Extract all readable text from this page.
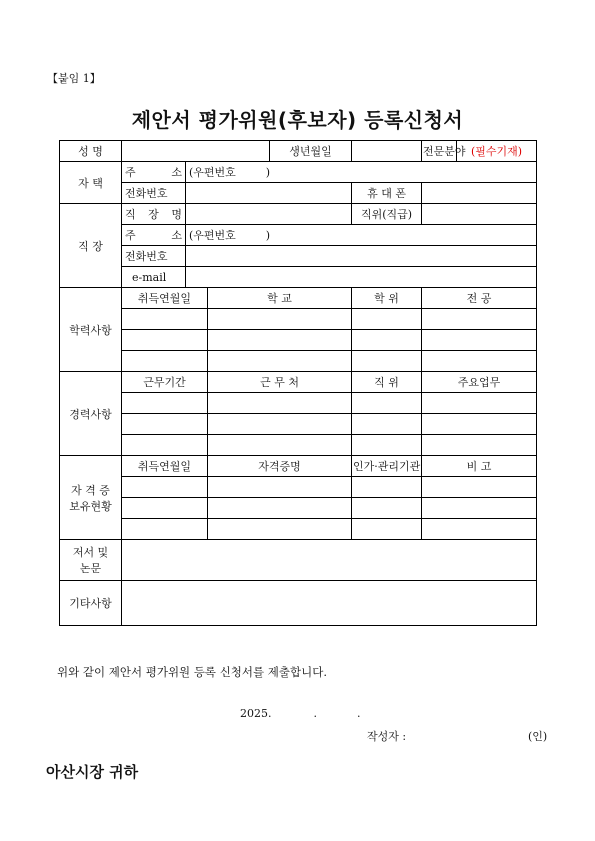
【붙임 1】
제안서 평가위원(후보자) 등록신청서
성 명				생년월일		전문분야	(필수기재)
자 택	주 소	(우편번호 )					
	전화번호				휴 대 폰		
직 장	직 장 명				직위(직급)		
	주 소	(우편번호 )					
	전화번호						
	e-mail						
학력사항	취득연월일		학 교		학 위	전 공	

경력사항	근무기간		근 무 처		직 위	주요업무	

자 격 증
보유현황	취득연월일		자격증명		인가·관리기관	비 고	

저서 및
논문							

기타사항							
위와 같이 제안서 평가위원 등록 신청서를 제출합니다.
2025.	.	.
작성자 :	(인)
아산시장 귀하
